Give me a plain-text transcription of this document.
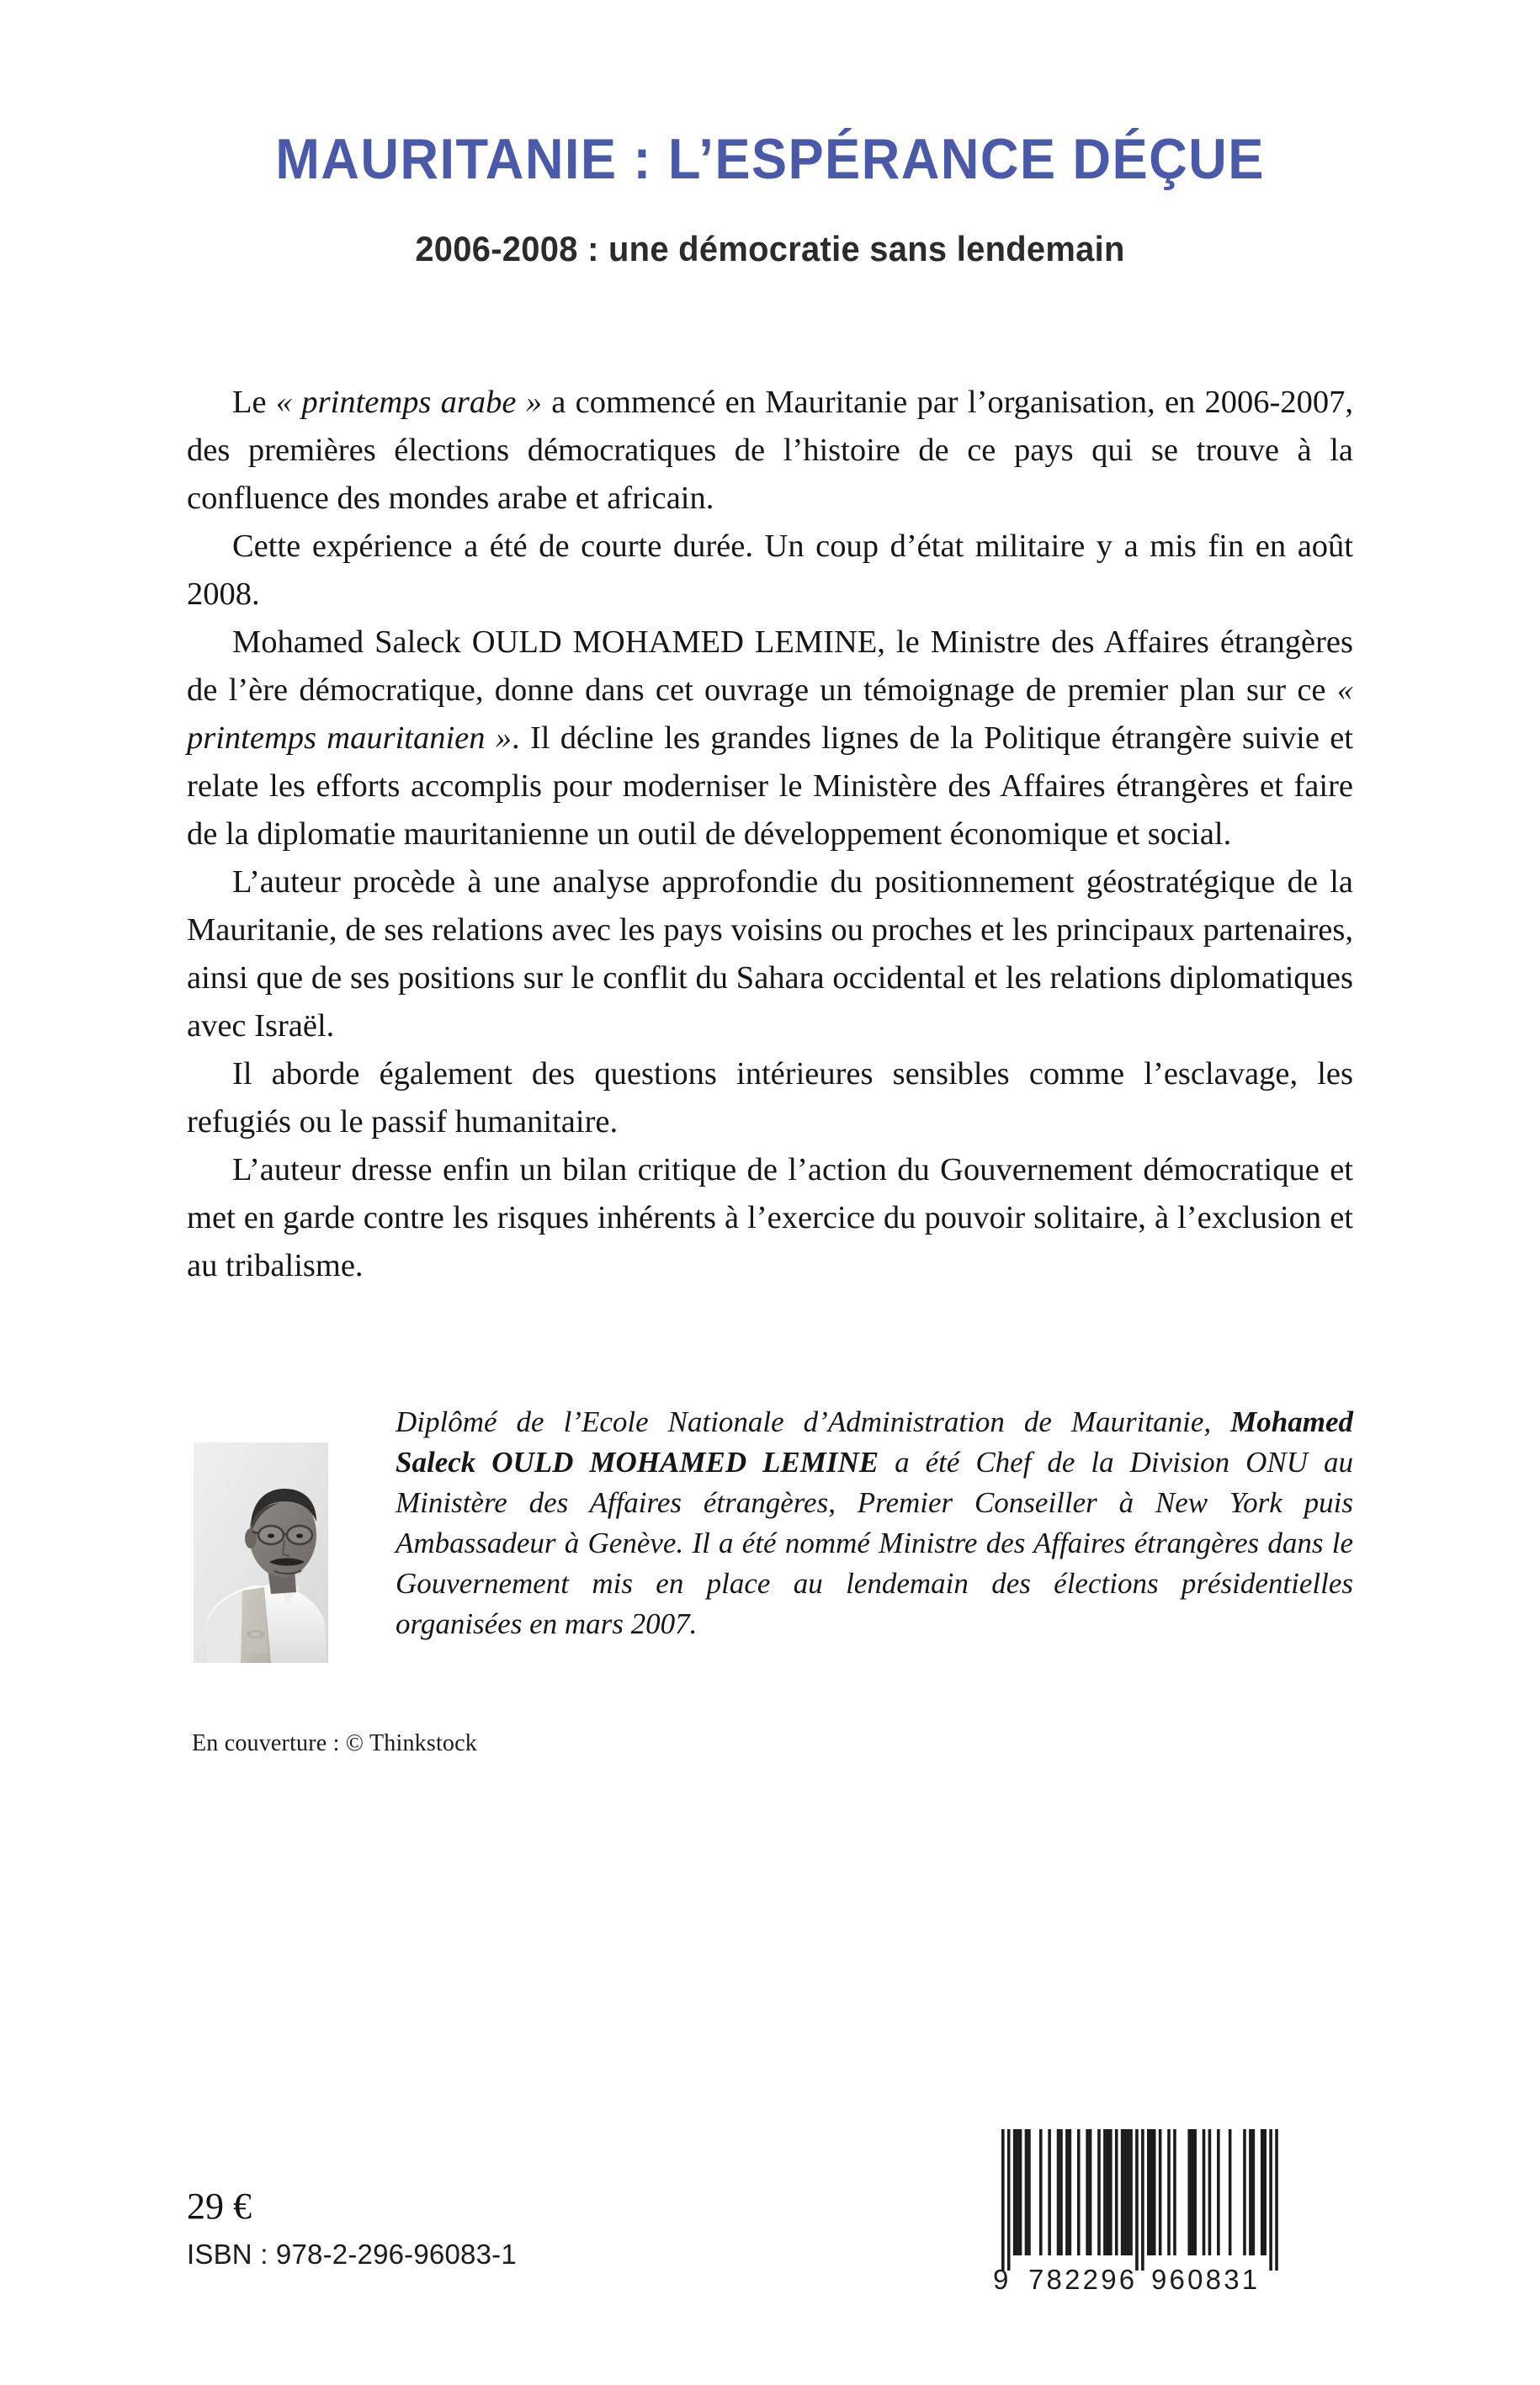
MAURITANIE : L’ESPÉRANCE DÉÇUE
2006-2008 : une démocratie sans lendemain

Le « printemps arabe » a commencé en Mauritanie par l’organisation, en 2006-2007, des premières élections démocratiques de l’histoire de ce pays qui se trouve à la confluence des mondes arabe et africain.

Cette expérience a été de courte durée. Un coup d’état militaire y a mis fin en août 2008.

Mohamed Saleck OULD MOHAMED LEMINE, le Ministre des Affaires étrangères de l’ère démocratique, donne dans cet ouvrage un témoignage de premier plan sur ce « printemps mauritanien ». Il décline les grandes lignes de la Politique étrangère suivie et relate les efforts accomplis pour moderniser le Ministère des Affaires étrangères et faire de la diplomatie mauritanienne un outil de développement économique et social.

L’auteur procède à une analyse approfondie du positionnement géostratégique de la Mauritanie, de ses relations avec les pays voisins ou proches et les principaux partenaires, ainsi que de ses positions sur le conflit du Sahara occidental et les relations diplomatiques avec Israël.

Il aborde également des questions intérieures sensibles comme l’esclavage, les refugiés ou le passif humanitaire.

L’auteur dresse enfin un bilan critique de l’action du Gouvernement démocratique et met en garde contre les risques inhérents à l’exercice du pouvoir solitaire, à l’exclusion et au tribalisme.

Diplômé de l’Ecole Nationale d’Administration de Mauritanie, Mohamed Saleck OULD MOHAMED LEMINE a été Chef de la Division ONU au Ministère des Affaires étrangères, Premier Conseiller à New York puis Ambassadeur à Genève. Il a été nommé Ministre des Affaires étrangères dans le Gouvernement mis en place au lendemain des élections présidentielles organisées en mars 2007.
En couverture : © Thinkstock
29 €
ISBN : 978-2-296-96083-1
9 782296 960831
